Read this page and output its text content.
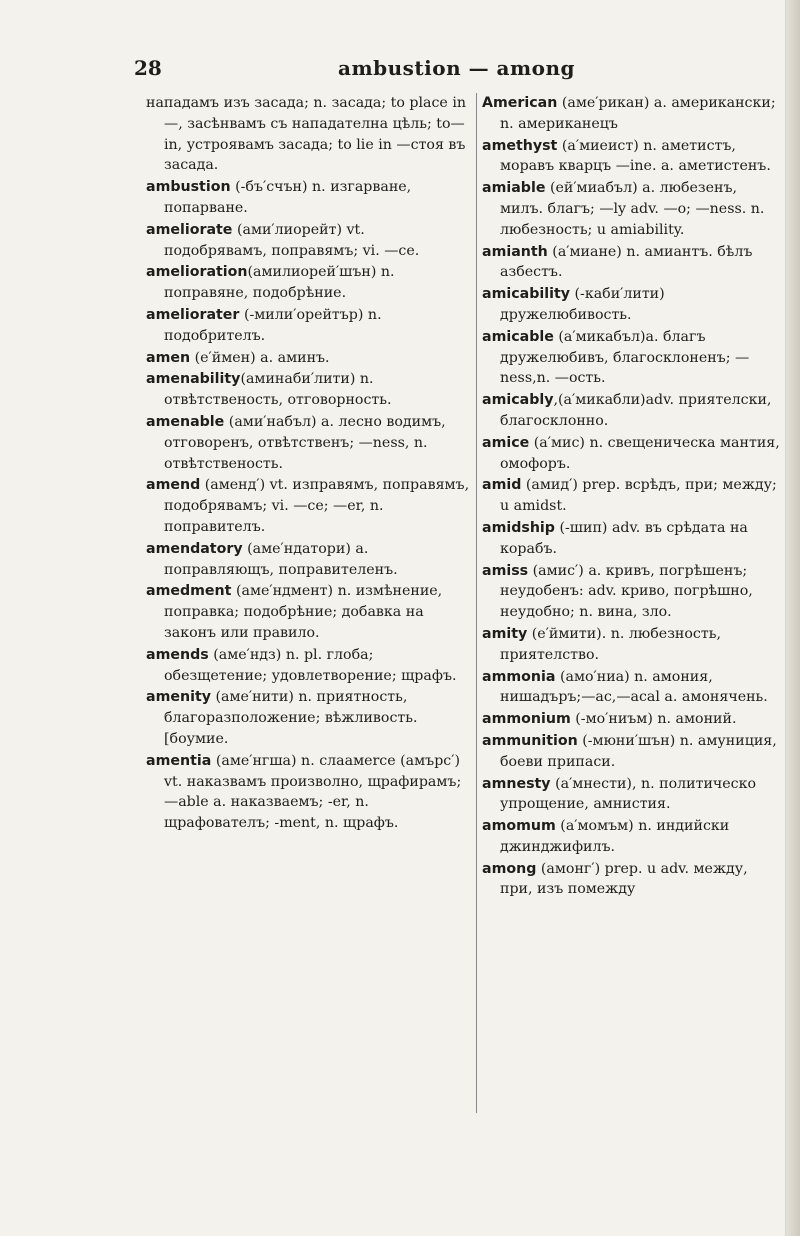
28	ambustion — among
нападамъ изъ засада; n. засада; to place in—, засѣнвамъ съ нападателна цѣль; to— in, устроявамъ засада; to lie in —стоя въ засада.
ambustion (-бъ′счън) n. изгарване, попарване.
ameliorate (ами′лиорейт) vt. подобрявамъ, поправямъ; vi. —се.
amelioration(амилиорей′шън) n. поправяне, подобрѣние.
ameliorater (-мили′орейтър) n. подобрителъ.
amen (е′ймен) a. аминъ.
amenability(аминаби′лити) n. отвѣтственость, отговорность.
amenable (ами′набъл) a. лесно водимъ, отговоренъ, отвѣтственъ; —ness, n. отвѣтственость.
amend (аменд′) vt. изправямъ, поправямъ, подобрявамъ; vi. —се; —er, n. поправителъ.
amendatory (аме′ндатори) a. поправляющъ, поправителенъ.
amedment (аме′ндмент) n. измѣнение, поправка; подобрѣние; добавка на законъ или правило.
amends (аме′ндз) n. pl. глоба; обезщетение; удовлетворение; щрафъ.
amenity (аме′нити) n. приятность, благоразположение; вѣжливость. [боумие.
amentia (аме′нгша) n. слаамerce (амърс′) vt. наказвамъ произволно, щрафирамъ;—able a. наказваемъ; -er, n. щрафователъ; -ment, n. щрафъ.
American (аме′рикан) a. американски; n. американецъ
amethyst (а′миеист) n. аметистъ, моравъ кварцъ —ine. a. аметистенъ.
amiable (ей′миабъл) a. любезенъ, милъ. благъ; —ly adv. —o; —ness. n. любезность; u amiability.
amianth (а′миане) n. амиантъ. бѣлъ азбестъ.
amicability (-каби′лити) дружелюбивость.
amicable (а′микабъл)a. благъ дружелюбивъ, благосклоненъ; —ness,n. —ость.
amicably,(а′микабли)adv. приятелски, благосклонно.
amice (а′мис) n. свещеническа мантия, омофоръ.
amid (амид′) prep. всрѣдъ, при; между; u amidst.
amidship (-шип) adv. въ срѣдата на корабъ.
amiss (амис′) a. кривъ, погрѣшенъ; неудобенъ: adv. криво, погрѣшно, неудобно; n. вина, зло.
amity (е′ймити). n. любезность, приятелство.
ammonia (амо′ниа) n. амония, нишадъръ;—ac,—acal a. амонячень.
ammonium (-мо′ниъм) n. амоний.
ammunition (-мюни′шън) n. амуниция, боеви припаси.
amnesty (а′мнести), n. политическо упрощение, амнистия.
amomum (а′момъм) n. индийски джинджифилъ.
among (амонг′) prep. u adv. между, при, изъ помежду
